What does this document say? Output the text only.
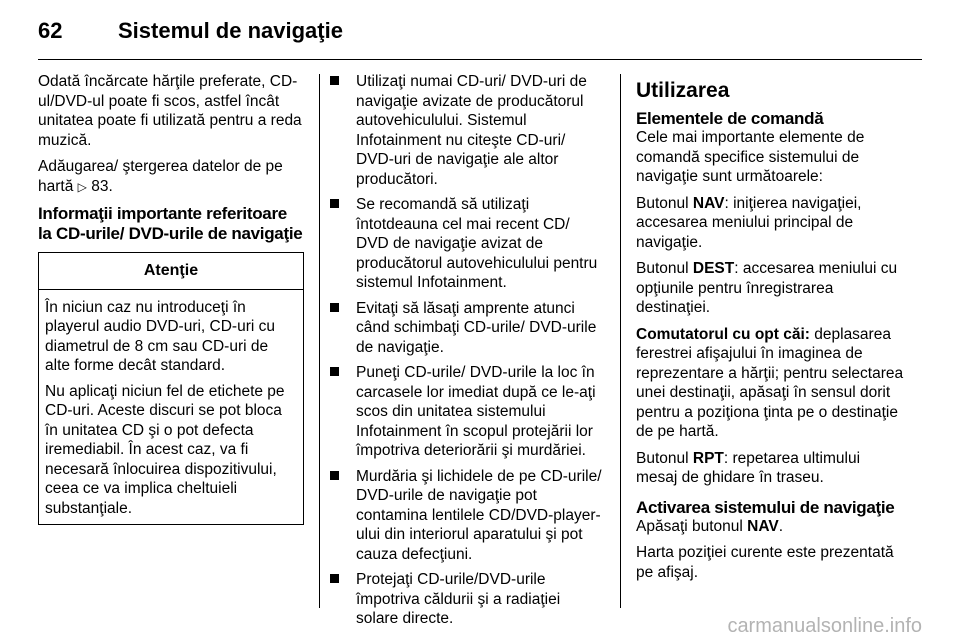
62	Sistemul de navigaţie

Odată încărcate hărţile preferate, CD-ul/DVD-ul poate fi scos, astfel încât unitatea poate fi utilizată pentru a reda muzică.

Adăugarea/ ştergerea datelor de pe hartă ▷ 83.

Informaţii importante referitoare la CD-urile/ DVD-urile de navigaţie
Atenţie

În niciun caz nu introduceţi în playerul audio DVD-uri, CD-uri cu diametrul de 8 cm sau CD-uri de alte forme decât standard.

Nu aplicaţi niciun fel de etichete pe CD-uri. Aceste discuri se pot bloca în unitatea CD şi o pot defecta iremediabil. În acest caz, va fi necesară înlocuirea dispozitivului, ceea ce va implica cheltuieli substanţiale.

Utilizaţi numai CD-uri/ DVD-uri de navigaţie avizate de producătorul autovehiculului. Sistemul Infotainment nu citeşte CD-uri/ DVD-uri de navigaţie ale altor producători.
Se recomandă să utilizaţi întotdeauna cel mai recent CD/ DVD de navigaţie avizat de producătorul autovehiculului pentru sistemul Infotainment.
Evitaţi să lăsaţi amprente atunci când schimbaţi CD-urile/ DVD-urile de navigaţie.
Puneţi CD-urile/ DVD-urile la loc în carcasele lor imediat după ce le-aţi scos din unitatea sistemului Infotainment în scopul protejării lor împotriva deteriorării şi murdăriei.
Murdăria şi lichidele de pe CD-urile/ DVD-urile de navigaţie pot contamina lentilele CD/DVD-player-ului din interiorul aparatului şi pot cauza defecţiuni.
Protejaţi CD-urile/DVD-urile împotriva căldurii şi a radiaţiei solare directe.
Utilizarea
Elementele de comandă

Cele mai importante elemente de comandă specifice sistemului de navigaţie sunt următoarele:

Butonul NAV: iniţierea navigaţiei, accesarea meniului principal de navigaţie.

Butonul DEST: accesarea meniului cu opţiunile pentru înregistrarea destinaţiei.

Comutatorul cu opt căi: deplasarea ferestrei afişajului în imaginea de reprezentare a hărţii; pentru selectarea unei destinaţii, apăsaţi în sensul dorit pentru a poziţiona ţinta pe o destinaţie de pe hartă.

Butonul RPT: repetarea ultimului mesaj de ghidare în traseu.

Activarea sistemului de navigaţie

Apăsaţi butonul NAV.

Harta poziţiei curente este prezentată pe afişaj.

carmanualsonline.info
